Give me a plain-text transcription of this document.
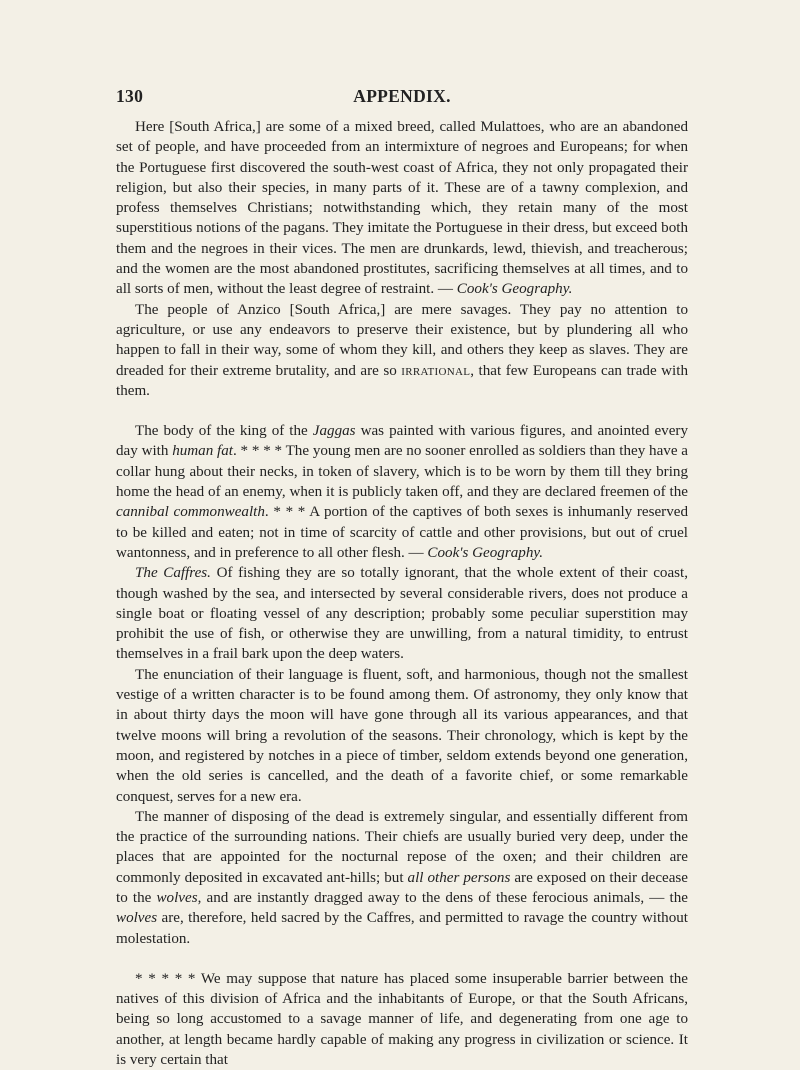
130	APPENDIX.

Here [South Africa,] are some of a mixed breed, called Mulattoes, who are an abandoned set of people, and have proceeded from an intermixture of negroes and Europeans; for when the Portuguese first discovered the south-west coast of Africa, they not only propagated their religion, but also their species, in many parts of it. These are of a tawny complexion, and profess themselves Christians; notwithstanding which, they retain many of the most superstitious notions of the pagans. They imitate the Portuguese in their dress, but exceed both them and the negroes in their vices. The men are drunkards, lewd, thievish, and treacherous; and the women are the most abandoned prostitutes, sacrificing themselves at all times, and to all sorts of men, without the least degree of restraint. — Cook's Geography.

The people of Anzico [South Africa,] are mere savages. They pay no attention to agriculture, or use any endeavors to preserve their existence, but by plundering all who happen to fall in their way, some of whom they kill, and others they keep as slaves. They are dreaded for their extreme brutality, and are so irrational, that few Europeans can trade with them.

The body of the king of the Jaggas was painted with various figures, and anointed every day with human fat. * * * * The young men are no sooner enrolled as soldiers than they have a collar hung about their necks, in token of slavery, which is to be worn by them till they bring home the head of an enemy, when it is publicly taken off, and they are declared freemen of the cannibal commonwealth. * * * A portion of the captives of both sexes is inhumanly reserved to be killed and eaten; not in time of scarcity of cattle and other provisions, but out of cruel wantonness, and in preference to all other flesh. — Cook's Geography.

The Caffres. Of fishing they are so totally ignorant, that the whole extent of their coast, though washed by the sea, and intersected by several considerable rivers, does not produce a single boat or floating vessel of any description; probably some peculiar superstition may prohibit the use of fish, or otherwise they are unwilling, from a natural timidity, to entrust themselves in a frail bark upon the deep waters.

The enunciation of their language is fluent, soft, and harmonious, though not the smallest vestige of a written character is to be found among them. Of astronomy, they only know that in about thirty days the moon will have gone through all its various appearances, and that twelve moons will bring a revolution of the seasons. Their chronology, which is kept by the moon, and registered by notches in a piece of timber, seldom extends beyond one generation, when the old series is cancelled, and the death of a favorite chief, or some remarkable conquest, serves for a new era.

The manner of disposing of the dead is extremely singular, and essentially different from the practice of the surrounding nations. Their chiefs are usually buried very deep, under the places that are appointed for the nocturnal repose of the oxen; and their children are commonly deposited in excavated ant-hills; but all other persons are exposed on their decease to the wolves, and are instantly dragged away to the dens of these ferocious animals, — the wolves are, therefore, held sacred by the Caffres, and permitted to ravage the country without molestation.

* * * * * We may suppose that nature has placed some insuperable barrier between the natives of this division of Africa and the inhabitants of Europe, or that the South Africans, being so long accustomed to a savage manner of life, and degenerating from one age to another, at length became hardly capable of making any progress in civilization or science. It is very certain that
